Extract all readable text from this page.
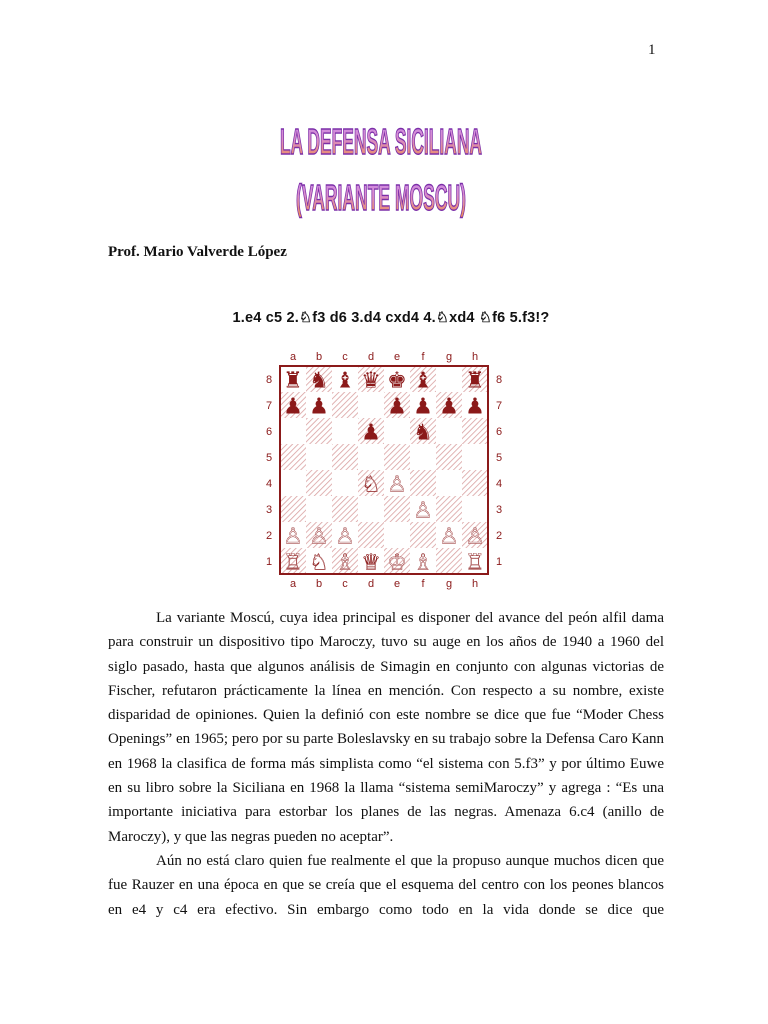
1
LA DEFENSA SICILIANA
(VARIANTE MOSCU)
Prof. Mario Valverde López
1.e4 c5 2.♘f3 d6 3.d4 cxd4 4.♘xd4 ♘f6 5.f3!?
♜ ♞ ♝ ♛ ♚ ♝ ♜
♟ ♟	♟ ♟ ♟ ♟
♟ ♞
♘ ♙
♙
♙ ♙ ♙	♙ ♙
♖ ♘ ♗ ♕ ♔ ♗ ♖
a
a
b
b
c
c
d
d
e
e
f
f
g
g
h
h
8	8
7	7
6	6
5	5
4	4
3	3
2	2
1	1

La variante Moscú, cuya idea principal es disponer del avance del peón alfil dama para construir un dispositivo tipo Maroczy, tuvo su auge en los años de 1940 a 1960 del siglo pasado, hasta que algunos análisis de Simagin en conjunto con algunas victorias de Fischer, refutaron prácticamente la línea en mención. Con respecto a su nombre, existe disparidad de opiniones. Quien la definió con este nombre se dice que fue “Moder Chess Openings” en 1965; pero por su parte Boleslavsky en su trabajo sobre la Defensa Caro Kann en 1968 la clasifica de forma más simplista como “el sistema con 5.f3” y por último Euwe en su libro sobre la Siciliana en 1968 la llama “sistema semiMaroczy” y agrega : “Es una importante iniciativa para estorbar los planes de las negras. Amenaza 6.c4 (anillo de Maroczy), y que las negras pueden no aceptar”.

Aún no está claro quien fue realmente el que la propuso aunque muchos dicen que fue Rauzer en una época en que se creía que el esquema del centro con los peones blancos en e4 y c4 era efectivo. Sin embargo como todo en la vida donde se dice que
